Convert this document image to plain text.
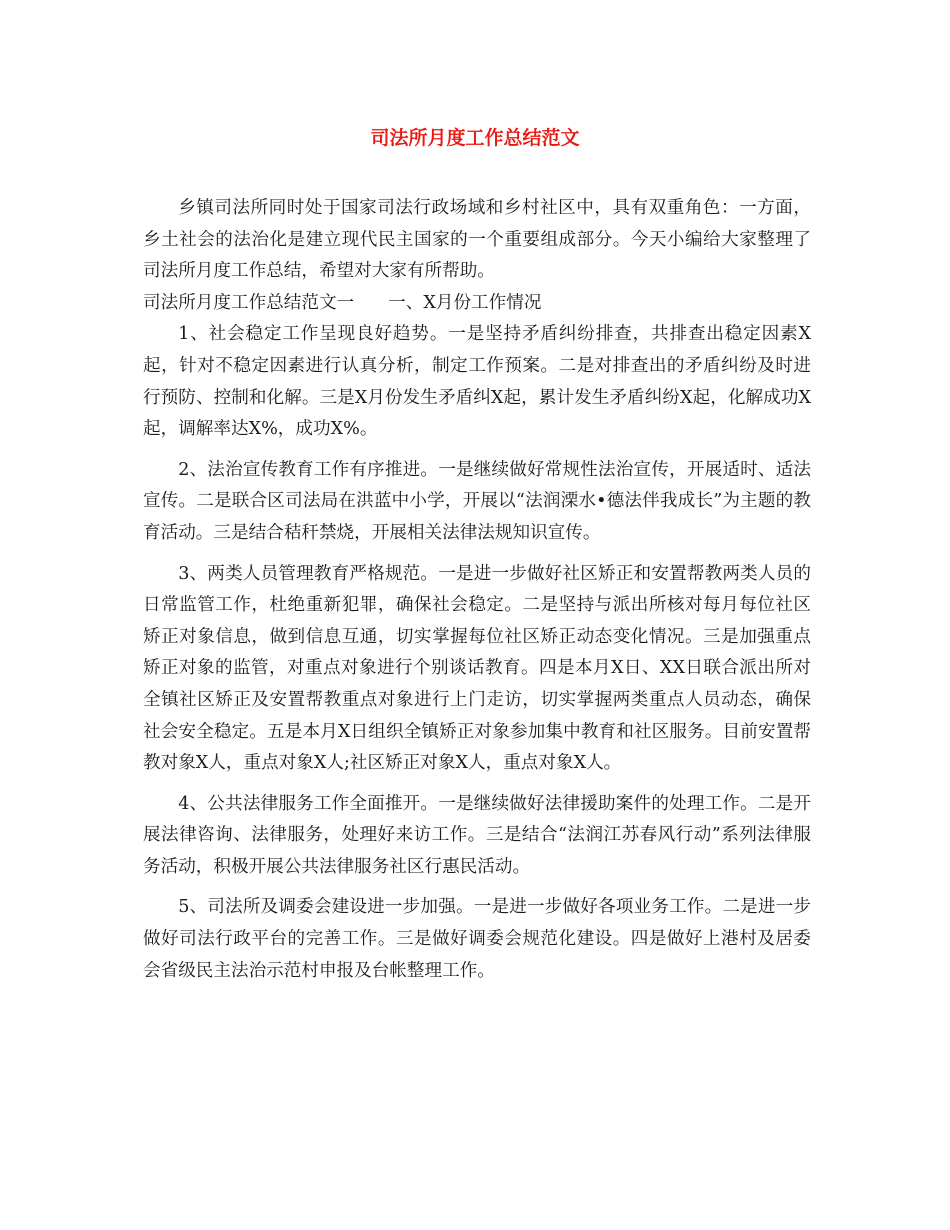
司法所月度工作总结范文

乡镇司法所同时处于国家司法行政场域和乡村社区中，具有双重角色：一方面，乡土社会的法治化是建立现代民主国家的一个重要组成部分。今天小编给大家整理了司法所月度工作总结，希望对大家有所帮助。

司法所月度工作总结范文一 一、X月份工作情况

1、社会稳定工作呈现良好趋势。一是坚持矛盾纠纷排查，共排查出稳定因素X起，针对不稳定因素进行认真分析，制定工作预案。二是对排查出的矛盾纠纷及时进行预防、控制和化解。三是X月份发生矛盾纠X起，累计发生矛盾纠纷X起，化解成功X起，调解率达X%，成功X%。

2、法治宣传教育工作有序推进。一是继续做好常规性法治宣传，开展适时、适法宣传。二是联合区司法局在洪蓝中小学，开展以“法润溧水•德法伴我成长”为主题的教育活动。三是结合秸秆禁烧，开展相关法律法规知识宣传。

3、两类人员管理教育严格规范。一是进一步做好社区矫正和安置帮教两类人员的日常监管工作，杜绝重新犯罪，确保社会稳定。二是坚持与派出所核对每月每位社区矫正对象信息，做到信息互通，切实掌握每位社区矫正动态变化情况。三是加强重点矫正对象的监管，对重点对象进行个别谈话教育。四是本月X日、XX日联合派出所对全镇社区矫正及安置帮教重点对象进行上门走访，切实掌握两类重点人员动态，确保社会安全稳定。五是本月X日组织全镇矫正对象参加集中教育和社区服务。目前安置帮教对象X人，重点对象X人;社区矫正对象X人，重点对象X人。

4、公共法律服务工作全面推开。一是继续做好法律援助案件的处理工作。二是开展法律咨询、法律服务，处理好来访工作。三是结合“法润江苏春风行动”系列法律服务活动，积极开展公共法律服务社区行惠民活动。

5、司法所及调委会建设进一步加强。一是进一步做好各项业务工作。二是进一步做好司法行政平台的完善工作。三是做好调委会规范化建设。四是做好上港村及居委会省级民主法治示范村申报及台帐整理工作。
